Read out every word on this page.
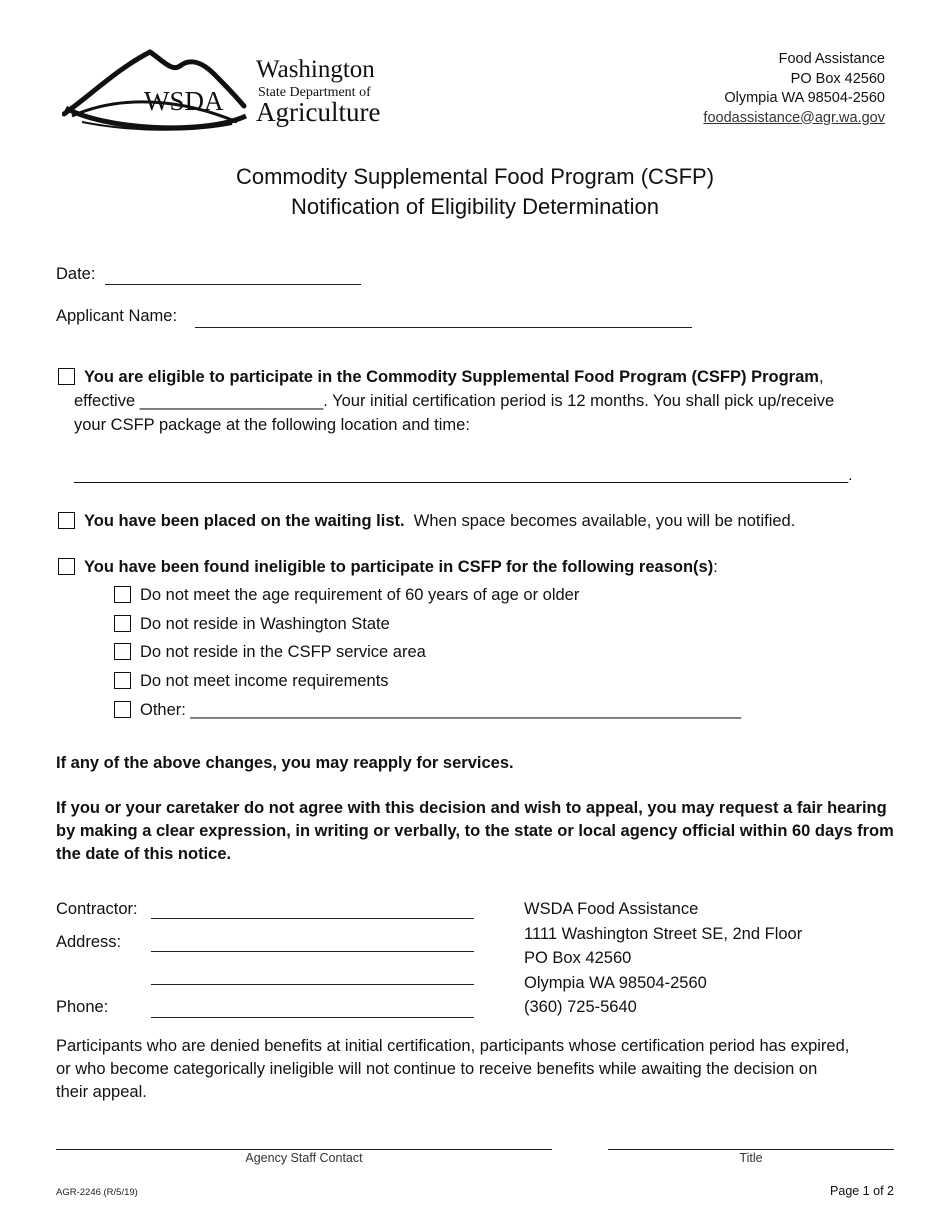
WSDA
Washington
State Department of
Agriculture
Food Assistance
PO Box 42560
Olympia WA 98504-2560
foodassistance@agr.wa.gov
Commodity Supplemental Food Program (CSFP)
Notification of Eligibility Determination
Date:
Applicant Name:
You are eligible to participate in the Commodity Supplemental Food Program (CSFP) Program,
effective ____________________. Your initial certification period is 12 months. You shall pick up/receive
your CSFP package at the following location and time:
_______________________________________________________________________________________.
You have been placed on the waiting list. When space becomes available, you will be notified.
You have been found ineligible to participate in CSFP for the following reason(s):
Do not meet the age requirement of 60 years of age or older
Do not reside in Washington State
Do not reside in the CSFP service area
Do not meet income requirements
Other: ____________________________________________________________
If any of the above changes, you may reapply for services.
If you or your caretaker do not agree with this decision and wish to appeal, you may request a fair hearing
by making a clear expression, in writing or verbally, to the state or local agency official within 60 days from
the date of this notice.
Contractor:
Address:
Phone:
WSDA Food Assistance
1111 Washington Street SE, 2nd Floor
PO Box 42560
Olympia WA 98504-2560
(360) 725-5640
Participants who are denied benefits at initial certification, participants whose certification period has expired,
or who become categorically ineligible will not continue to receive benefits while awaiting the decision on
their appeal.
Agency Staff Contact	Title
AGR-2246 (R/5/19)	Page 1 of 2
